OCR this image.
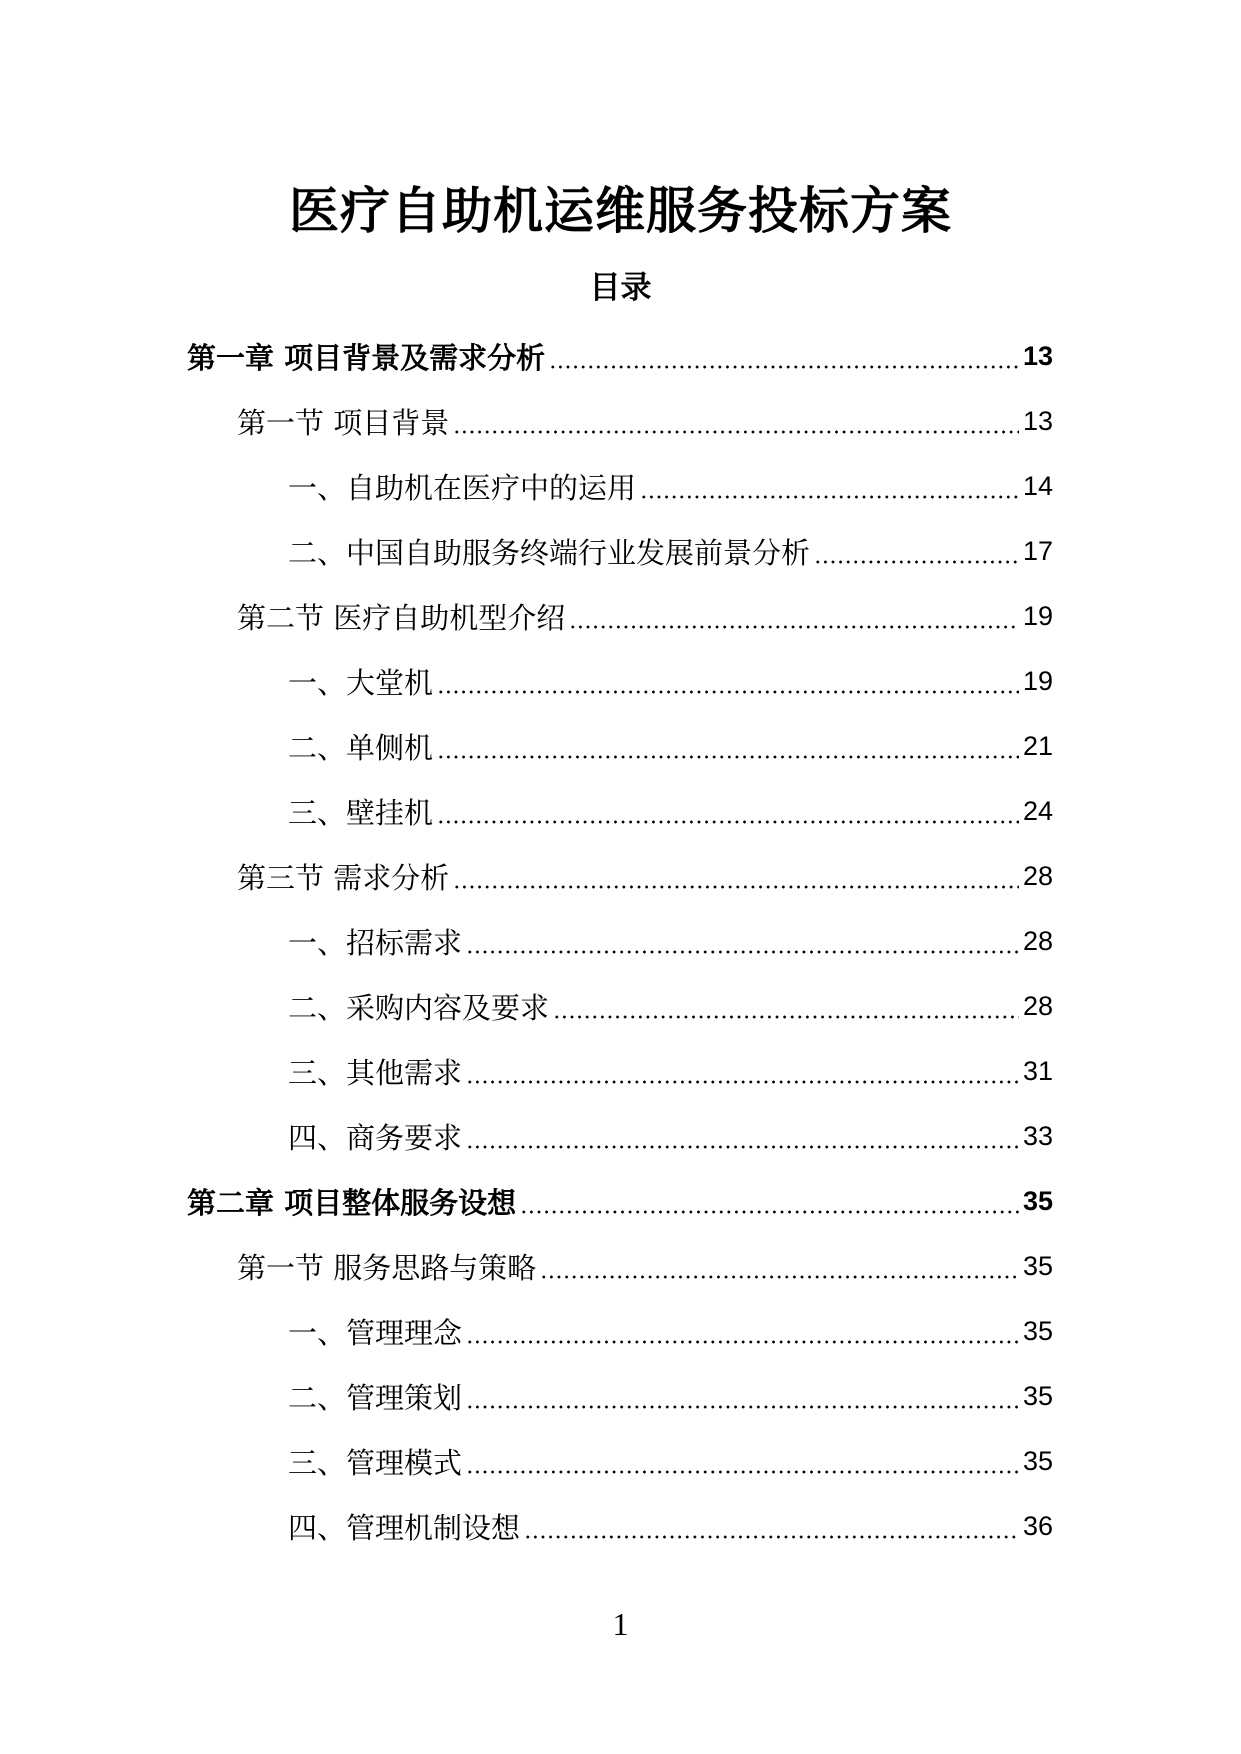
医疗自助机运维服务投标方案
目录
第一章 项目背景及需求分析	13
第一节 项目背景	13
一、自助机在医疗中的运用	14
二、中国自助服务终端行业发展前景分析	17
第二节 医疗自助机型介绍	19
一、大堂机	19
二、单侧机	21
三、壁挂机	24
第三节 需求分析	28
一、招标需求	28
二、采购内容及要求	28
三、其他需求	31
四、商务要求	33
第二章 项目整体服务设想	35
第一节 服务思路与策略	35
一、管理理念	35
二、管理策划	35
三、管理模式	35
四、管理机制设想	36
1
